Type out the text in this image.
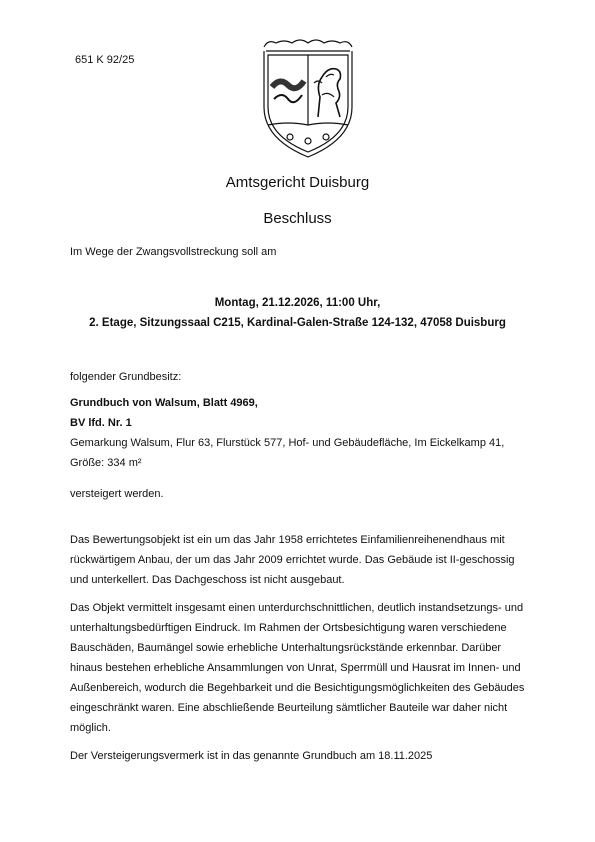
651 K 92/25
Amtsgericht Duisburg
Beschluss
Im Wege der Zwangsvollstreckung soll am
Montag, 21.12.2026, 11:00 Uhr,
2. Etage, Sitzungssaal C215, Kardinal-Galen-Straße 124-132, 47058 Duisburg

folgender Grundbesitz:

Grundbuch von Walsum, Blatt 4969,

BV lfd. Nr. 1

Gemarkung Walsum, Flur 63, Flurstück 577, Hof- und Gebäudefläche, Im Eickelkamp 41, Größe: 334 m²

versteigert werden.

Das Bewertungsobjekt ist ein um das Jahr 1958 errichtetes Einfamilienreihenendhaus mit rückwärtigem Anbau, der um das Jahr 2009 errichtet wurde. Das Gebäude ist II-geschossig und unterkellert. Das Dachgeschoss ist nicht ausgebaut.

Das Objekt vermittelt insgesamt einen unterdurchschnittlichen, deutlich instandsetzungs- und unterhaltungsbedürftigen Eindruck. Im Rahmen der Ortsbesichtigung waren verschiedene Bauschäden, Baumängel sowie erhebliche Unterhaltungsrückstände erkennbar. Darüber hinaus bestehen erhebliche Ansammlungen von Unrat, Sperrmüll und Hausrat im Innen- und Außenbereich, wodurch die Begehbarkeit und die Besichtigungsmöglichkeiten des Gebäudes eingeschränkt waren. Eine abschließende Beurteilung sämtlicher Bauteile war daher nicht möglich.

Der Versteigerungsvermerk ist in das genannte Grundbuch am 18.11.2025
